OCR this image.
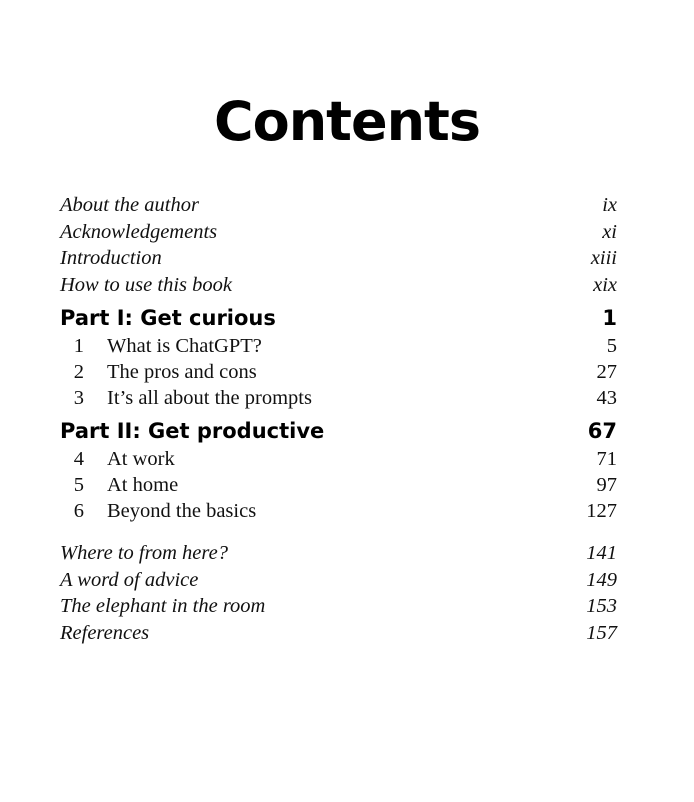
Contents
About the author	ix
Acknowledgements	xi
Introduction	xiii
How to use this book	xix
Part I: Get curious	1
1 What is ChatGPT?	5
2 The pros and cons	27
3 It’s all about the prompts	43
Part II: Get productive	67
4 At work	71
5 At home	97
6 Beyond the basics	127
Where to from here?	141
A word of advice	149
The elephant in the room	153
References	157
